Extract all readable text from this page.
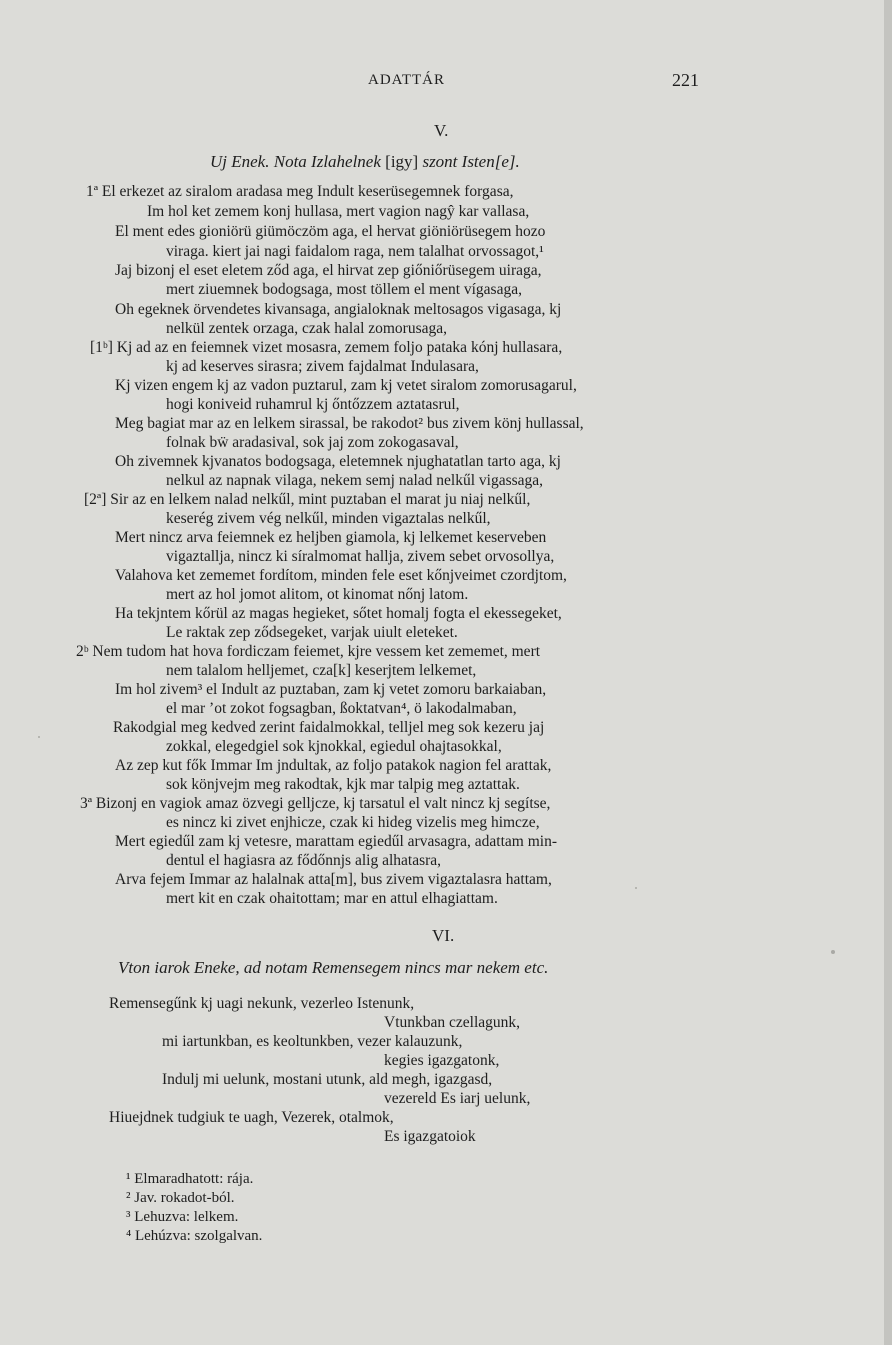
ADATTÁR	221
V.
Uj Enek. Nota Izlahelnek [igy] szont Isten[e].
1ª El erkezet az siralom aradasa meg Indult keserüsegemnek forgasa,
Im hol ket zemem konj hullasa, mert vagion nagŷ kar vallasa,
El ment edes gioniörü giümöczöm aga, el hervat giöniörüsegem hozo
viraga. kiert jai nagi faidalom raga, nem talalhat orvossagot,¹
Jaj bizonj el eset eletem ződ aga, el hirvat zep giőniőrüsegem uiraga,
mert ziuemnek bodogsaga, most töllem el ment vígasaga,
Oh egeknek örvendetes kivansaga, angialoknak meltosagos vigasaga, kj
nelkül zentek orzaga, czak halal zomorusaga,
[1ᵇ] Kj ad az en feiemnek vizet mosasra, zemem foljo pataka kónj hullasara,
kj ad keserves sirasra; zivem fajdalmat Indulasara,
Kj vizen engem kj az vadon puztarul, zam kj vetet siralom zomorusagarul,
hogi koniveid ruhamrul kj őntőzzem aztatasrul,
Meg bagiat mar az en lelkem sirassal, be rakodot² bus zivem könj hullassal,
folnak bẅ aradasival, sok jaj zom zokogasaval,
Oh zivemnek kjvanatos bodogsaga, eletemnek njughatatlan tarto aga, kj
nelkul az napnak vilaga, nekem semj nalad nelkűl vigassaga,
[2ª] Sir az en lelkem nalad nelkűl, mint puztaban el marat ju niaj nelkűl,
keserég zivem vég nelkűl, minden vigaztalas nelkűl,
Mert nincz arva feiemnek ez heljben giamola, kj lelkemet keserveben
vigaztallja, nincz ki síralmomat hallja, zivem sebet orvosollya,
Valahova ket zememet fordítom, minden fele eset kőnjveimet czordjtom,
mert az hol jomot alitom, ot kinomat nőnj latom.
Ha tekjntem kőrül az magas hegieket, sőtet homalj fogta el ekessegeket,
Le raktak zep ződsegeket, varjak uiult eleteket.
2ᵇ Nem tudom hat hova fordiczam feiemet, kjre vessem ket zememet, mert
nem talalom helljemet, cza[k] keserjtem lelkemet,
Im hol zivem³ el Indult az puztaban, zam kj vetet zomoru barkaiaban,
el mar ʼot zokot fogsagban, ßoktatvan⁴, ö lakodalmaban,
Rakodgial meg kedved zerint faidalmokkal, telljel meg sok kezeru jaj
zokkal, elegedgiel sok kjnokkal, egiedul ohajtasokkal,
Az zep kut fők Immar Im jndultak, az foljo patakok nagion fel arattak,
sok könjvejm meg rakodtak, kjk mar talpig meg aztattak.
3ª Bizonj en vagiok amaz özvegi gelljcze, kj tarsatul el valt nincz kj segítse,
es nincz ki zivet enjhicze, czak ki hideg vizelis meg himcze,
Mert egiedűl zam kj vetesre, marattam egiedűl arvasagra, adattam min-
dentul el hagiasra az fődőnnjs alig alhatasra,
Arva fejem Immar az halalnak atta[m], bus zivem vigaztalasra hattam,
mert kit en czak ohaitottam; mar en attul elhagiattam.
VI.
Vton iarok Eneke, ad notam Remensegem nincs mar nekem etc.
Remensegűnk kj uagi nekunk, vezerleo Istenunk,
Vtunkban czellagunk,
mi iartunkban, es keoltunkben, vezer kalauzunk,
kegies igazgatonk,
Indulj mi uelunk, mostani utunk, ald megh, igazgasd,
vezereld Es iarj uelunk,
Hiuejdnek tudgiuk te uagh, Vezerek, otalmok,
Es igazgatoiok
¹ Elmaradhatott: rája.
² Jav. rokadot-ból.
³ Lehuzva: lelkem.
⁴ Lehúzva: szolgalvan.
